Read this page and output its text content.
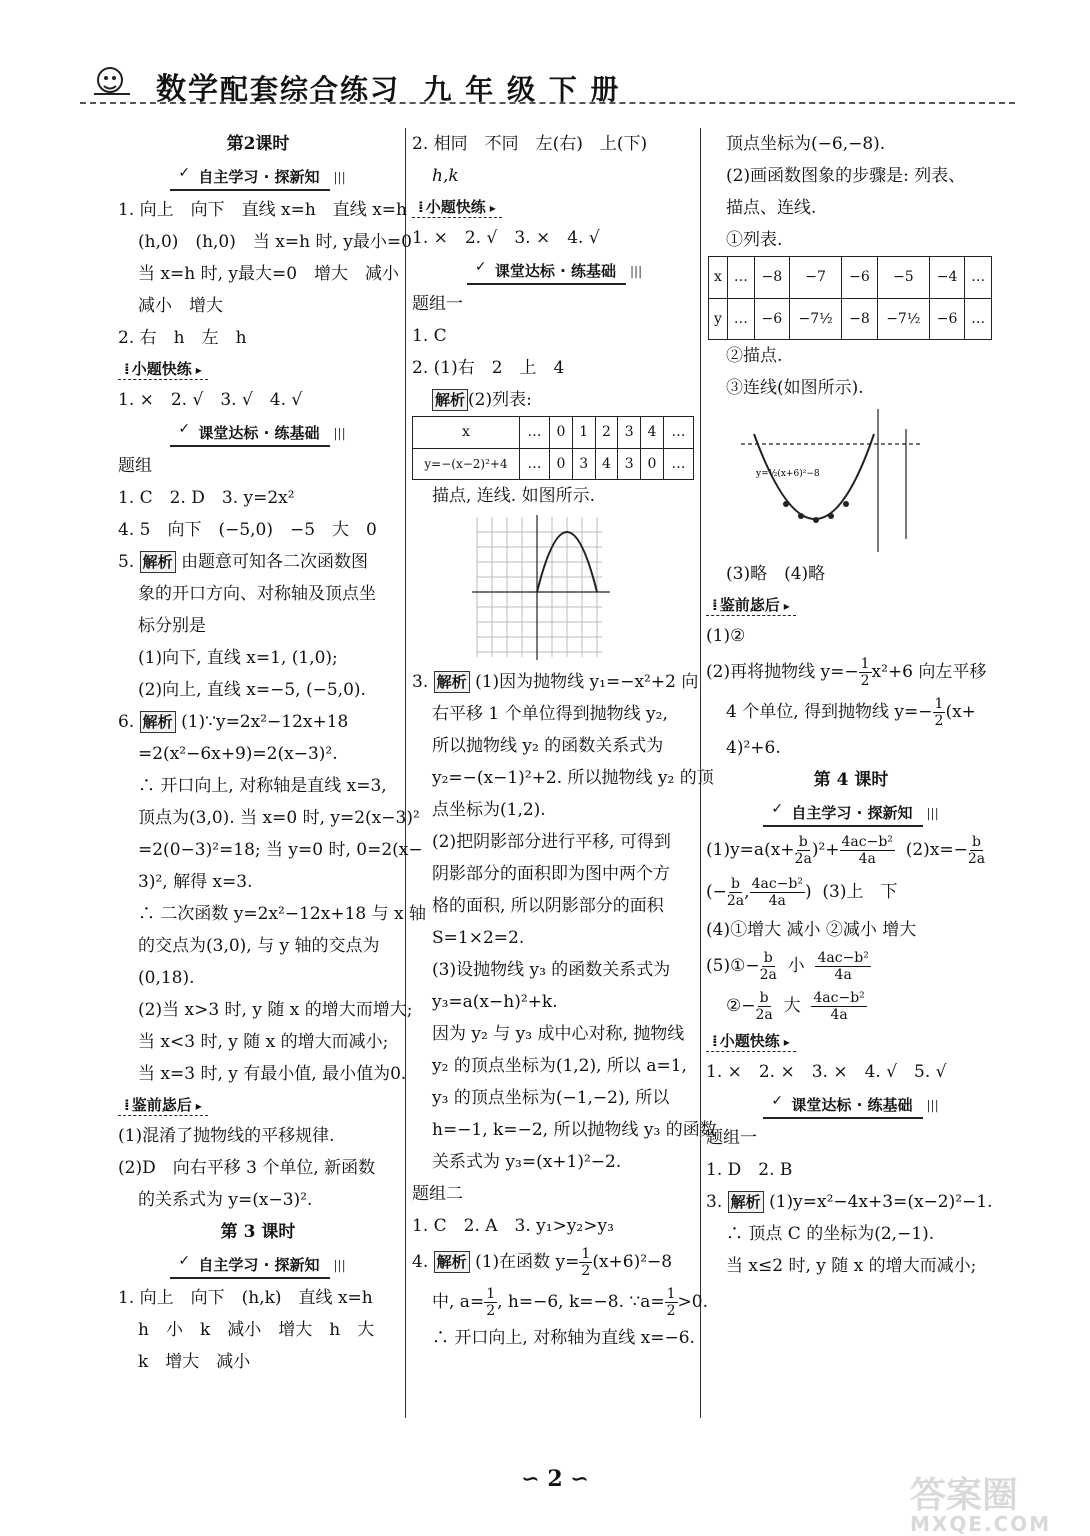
数学配套综合练习 九 年 级 下 册

第2课时

✓ 自主学习 · 探新知	|||

1. 向上　向下　直线 x=h　直线 x=h

(h,0)　(h,0)　当 x=h 时, y最小=0

当 x=h 时, y最大=0　增大　减小

减小　增大

2. 右　h　左　h

⁞ 小题快练 ▸

1. ×　2. √　3. √　4. √

✓ 课堂达标 · 练基础	|||

题组

1. C　2. D　3. y=2x²

4. 5　向下　(−5,0)　−5　大　0

5. 解析 由题意可知各二次函数图

象的开口方向、对称轴及顶点坐

标分别是

(1)向下, 直线 x=1, (1,0);

(2)向上, 直线 x=−5, (−5,0).

6. 解析 (1)∵y=2x²−12x+18

=2(x²−6x+9)=2(x−3)².

∴ 开口向上, 对称轴是直线 x=3,

顶点为(3,0). 当 x=0 时, y=2(x−3)²

=2(0−3)²=18; 当 y=0 时, 0=2(x−

3)², 解得 x=3.

∴ 二次函数 y=2x²−12x+18 与 x 轴

的交点为(3,0), 与 y 轴的交点为

(0,18).

(2)当 x>3 时, y 随 x 的增大而增大;

当 x<3 时, y 随 x 的增大而减小;

当 x=3 时, y 有最小值, 最小值为0.

⁞ 鉴前毖后 ▸

(1)混淆了抛物线的平移规律.

(2)D　向右平移 3 个单位, 新函数

的关系式为 y=(x−3)².

第 3 课时

✓ 自主学习 · 探新知	|||

1. 向上　向下　(h,k)　直线 x=h

h　小　k　减小　增大　h　大

k　增大　减小

2. 相同　不同　左(右)　上(下)

h,k

⁞ 小题快练 ▸

1. ×　2. √　3. ×　4. √

✓ 课堂达标 · 练基础	|||

题组一

1. C

2. (1)右　2　上　4

解析 (2)列表:

x	…	0	1	2	3	4	…
y=−(x−2)²+4	…	0	3	4	3	0	…

描点, 连线. 如图所示.

3. 解析 (1)因为抛物线 y₁=−x²+2 向

右平移 1 个单位得到抛物线 y₂,

所以抛物线 y₂ 的函数关系式为

y₂=−(x−1)²+2. 所以抛物线 y₂ 的顶

点坐标为(1,2).

(2)把阴影部分进行平移, 可得到

阴影部分的面积即为图中两个方

格的面积, 所以阴影部分的面积

S=1×2=2.

(3)设抛物线 y₃ 的函数关系式为

y₃=a(x−h)²+k.

因为 y₂ 与 y₃ 成中心对称, 抛物线

y₂ 的顶点坐标为(1,2), 所以 a=1,

y₃ 的顶点坐标为(−1,−2), 所以

h=−1, k=−2, 所以抛物线 y₃ 的函数

关系式为 y₃=(x+1)²−2.

题组二

1. C　2. A　3. y₁>y₂>y₃

4. 解析 (1)在函数 $y= \frac{1}{2} (x+6)^2-8$

中, $a= \frac{1}{2}$ , h=−6, k=−8. ∵a= $\frac{1}{2} >0$.

∴ 开口向上, 对称轴为直线 x=−6.

顶点坐标为(−6,−8).

(2)画函数图象的步骤是: 列表、

描点、连线.

①列表.

x	…	−8	−7	−6	−5	−4	…
y	…	−6	−7½	−8	−7½	−6	…

②描点.

③连线(如图所示).

y=½(x+6)²−8

(3)略　(4)略

⁞ 鉴前毖后 ▸

(1)②

(2)再将抛物线 $y=- \frac{1}{2} x^2+6$ 向左平移

4 个单位, 得到抛物线 $y=- \frac{1}{2} (x+$

4)²+6.

第 4 课时

✓ 自主学习 · 探新知	|||

$(1)y=a(x+ \frac{b}{2a} )^2+ \frac{\text{4ac−b²}}{4a} (2)x=- \frac{b}{2a}$

(− $\frac{b}{2a}$ , $\frac{\text{4ac−b²}}{4a}$ ) (3)上　下

(4)①增大 减小 ②减小 增大

(5)①− $\frac{b}{2a}$ 小 $\frac{\text{4ac−b²}}{4a}$

②− $\frac{b}{2a}$ 大 $\frac{\text{4ac−b²}}{4a}$

⁞ 小题快练 ▸

1. ×　2. ×　3. ×　4. √　5. √

✓ 课堂达标 · 练基础	|||

题组一

1. D　2. B

3. 解析 (1)y=x²−4x+3=(x−2)²−1.

∴ 顶点 C 的坐标为(2,−1).

当 x≤2 时, y 随 x 的增大而减小;

∽ 2 ∽	答案圈
MXQE.COM
